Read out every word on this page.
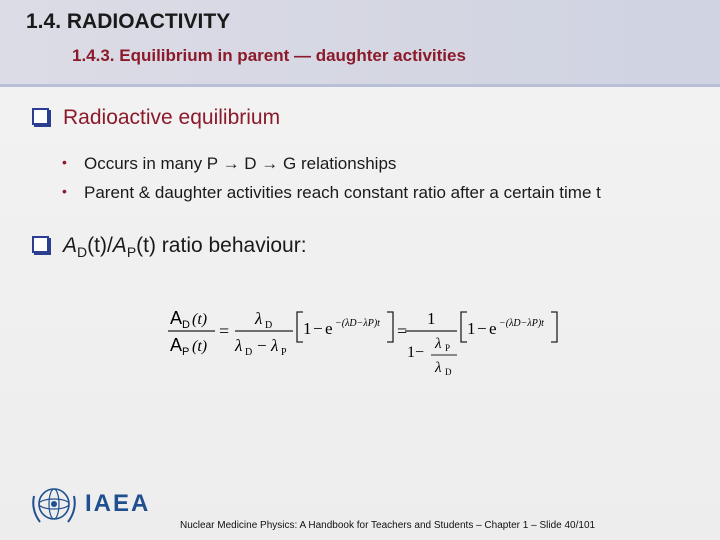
1.4. RADIOACTIVITY
1.4.3. Equilibrium in parent — daughter activities
Radioactive equilibrium
• Occurs in many P → D → G relationships
• Parent & daughter activities reach constant ratio after a certain time t
$A_D(t)/A_P(t)$ ratio behaviour:
A D (t)
A P (t)
=
λ D
λ D − λ P
1 − e −(λD−λP)t =
1
1− λ P
λ D
1 − e −(λD−λP)t
IAEA
Nuclear Medicine Physics: A Handbook for Teachers and Students – Chapter 1 – Slide 40/101
